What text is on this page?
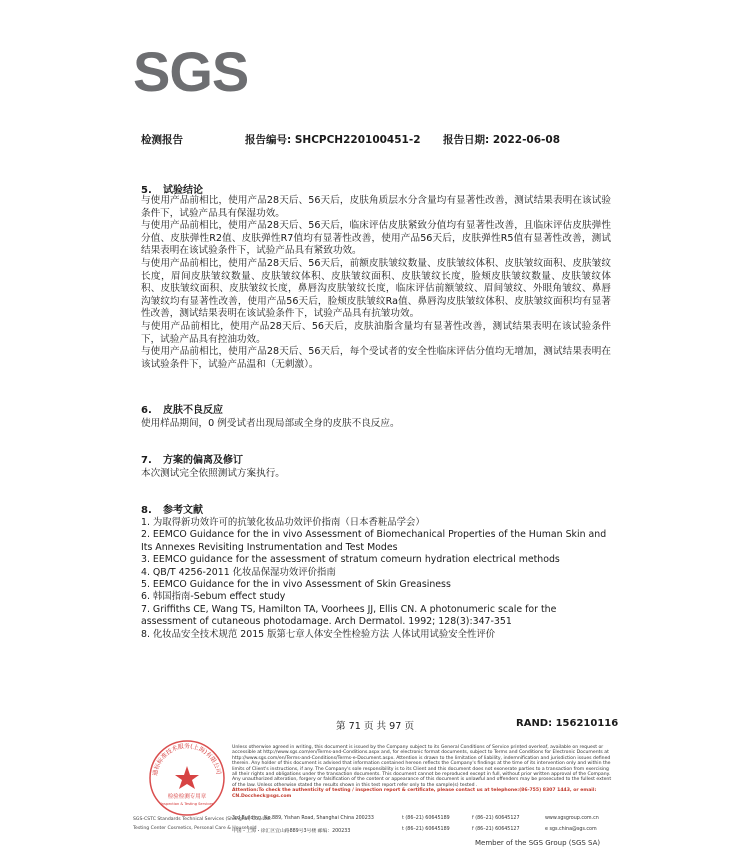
SGS
检测报告	报告编号: SHCPCH220100451-2 报告日期: 2022-06-08
5. 试验结论

与使用产品前相比，使用产品28天后、56天后，皮肤角质层水分含量均有显著性改善，测试结果表明在该试验条件下，试验产品具有保湿功效。

与使用产品前相比，使用产品28天后、56天后，临床评估皮肤紧致分值均有显著性改善，且临床评估皮肤弹性分值、皮肤弹性R2值、皮肤弹性R7值均有显著性改善，使用产品56天后，皮肤弹性R5值有显著性改善，测试结果表明在该试验条件下，试验产品具有紧致功效。

与使用产品前相比，使用产品28天后、56天后，前额皮肤皱纹数量、皮肤皱纹体积、皮肤皱纹面积、皮肤皱纹长度，眉间皮肤皱纹数量、皮肤皱纹体积、皮肤皱纹面积、皮肤皱纹长度，脸颊皮肤皱纹数量、皮肤皱纹体积、皮肤皱纹面积、皮肤皱纹长度，鼻唇沟皮肤皱纹长度，临床评估前额皱纹、眉间皱纹、外眼角皱纹、鼻唇沟皱纹均有显著性改善，使用产品56天后，脸颊皮肤皱纹Ra值、鼻唇沟皮肤皱纹体积、皮肤皱纹面积均有显著性改善，测试结果表明在该试验条件下，试验产品具有抗皱功效。

与使用产品前相比，使用产品28天后、56天后，皮肤油脂含量均有显著性改善，测试结果表明在该试验条件下，试验产品具有控油功效。

与使用产品前相比，使用产品28天后、56天后，每个受试者的安全性临床评估分值均无增加，测试结果表明在该试验条件下，试验产品温和（无刺激）。

6. 皮肤不良反应

使用样品期间，0 例受试者出现局部或全身的皮肤不良反应。

7. 方案的偏离及修订

本次测试完全依照测试方案执行。

8. 参考文献

1. 为取得新功效许可的抗皱化妆品功效评价指南（日本香粧品学会）

2. EEMCO Guidance for the in vivo Assessment of Biomechanical Properties of the Human Skin and Its Annexes Revisiting Instrumentation and Test Modes

3. EEMCO guidance for the assessment of stratum comeurn hydration electrical methods

4. QB/T 4256-2011 化妆品保湿功效评价指南

5. EEMCO Guidance for the in vivo Assessment of Skin Greasiness

6. 韩国指南-Sebum effect study

7. Griffiths CE, Wang TS, Hamilton TA, Voorhees JJ, Ellis CN. A photonumeric scale for the assessment of cutaneous photodamage. Arch Dermatol. 1992; 128(3):347-351

8. 化妆品安全技术规范 2015 版第七章人体安全性检验方法 人体试用试验安全性评价

第 71 页 共 97 页	RAND: 156210116
通标标准技术服务(上海)有限公司
检验检测专用章
Inspection & Testing Services

Unless otherwise agreed in writing, this document is issued by the Company subject to its General Conditions of Service printed overleaf, available on request or accessible at http://www.sgs.com/en/Terms-and-Conditions.aspx and, for electronic format documents, subject to Terms and Conditions for Electronic Documents at http://www.sgs.com/en/Terms-and-Conditions/Terms-e-Document.aspx. Attention is drawn to the limitation of liability, indemnification and jurisdiction issues defined therein. Any holder of this document is advised that information contained hereon reflects the Company's findings at the time of its intervention only and within the limits of Client's instructions, if any. The Company's sole responsibility is to its Client and this document does not exonerate parties to a transaction from exercising all their rights and obligations under the transaction documents. This document cannot be reproduced except in full, without prior written approval of the Company. Any unauthorized alteration, forgery or falsification of the content or appearance of this document is unlawful and offenders may be prosecuted to the fullest extent of the law. Unless otherwise stated the results shown in this test report refer only to the sample(s) tested .

Attention:To check the authenticity of testing / inspection report & certificate, please contact us at telephone:(86-755) 8307 1443, or email: CN.Doccheck@sgs.com

3rd Building, No.889, Yishan Road, Shanghai China 200233
中国・上海・徐汇区宜山路889号3号楼 邮编：200233
t (86–21) 60645189
t (86–21) 60645189
f (86–21) 60645127
f (86–21) 60645127
www.sgsgroup.com.cn
e sgs.china@sgs.com
SGS-CSTC Standards Technical Services (Shanghai) Co., Ltd.
Testing Center Cosmetics, Personal Care & Household
Member of the SGS Group (SGS SA)
